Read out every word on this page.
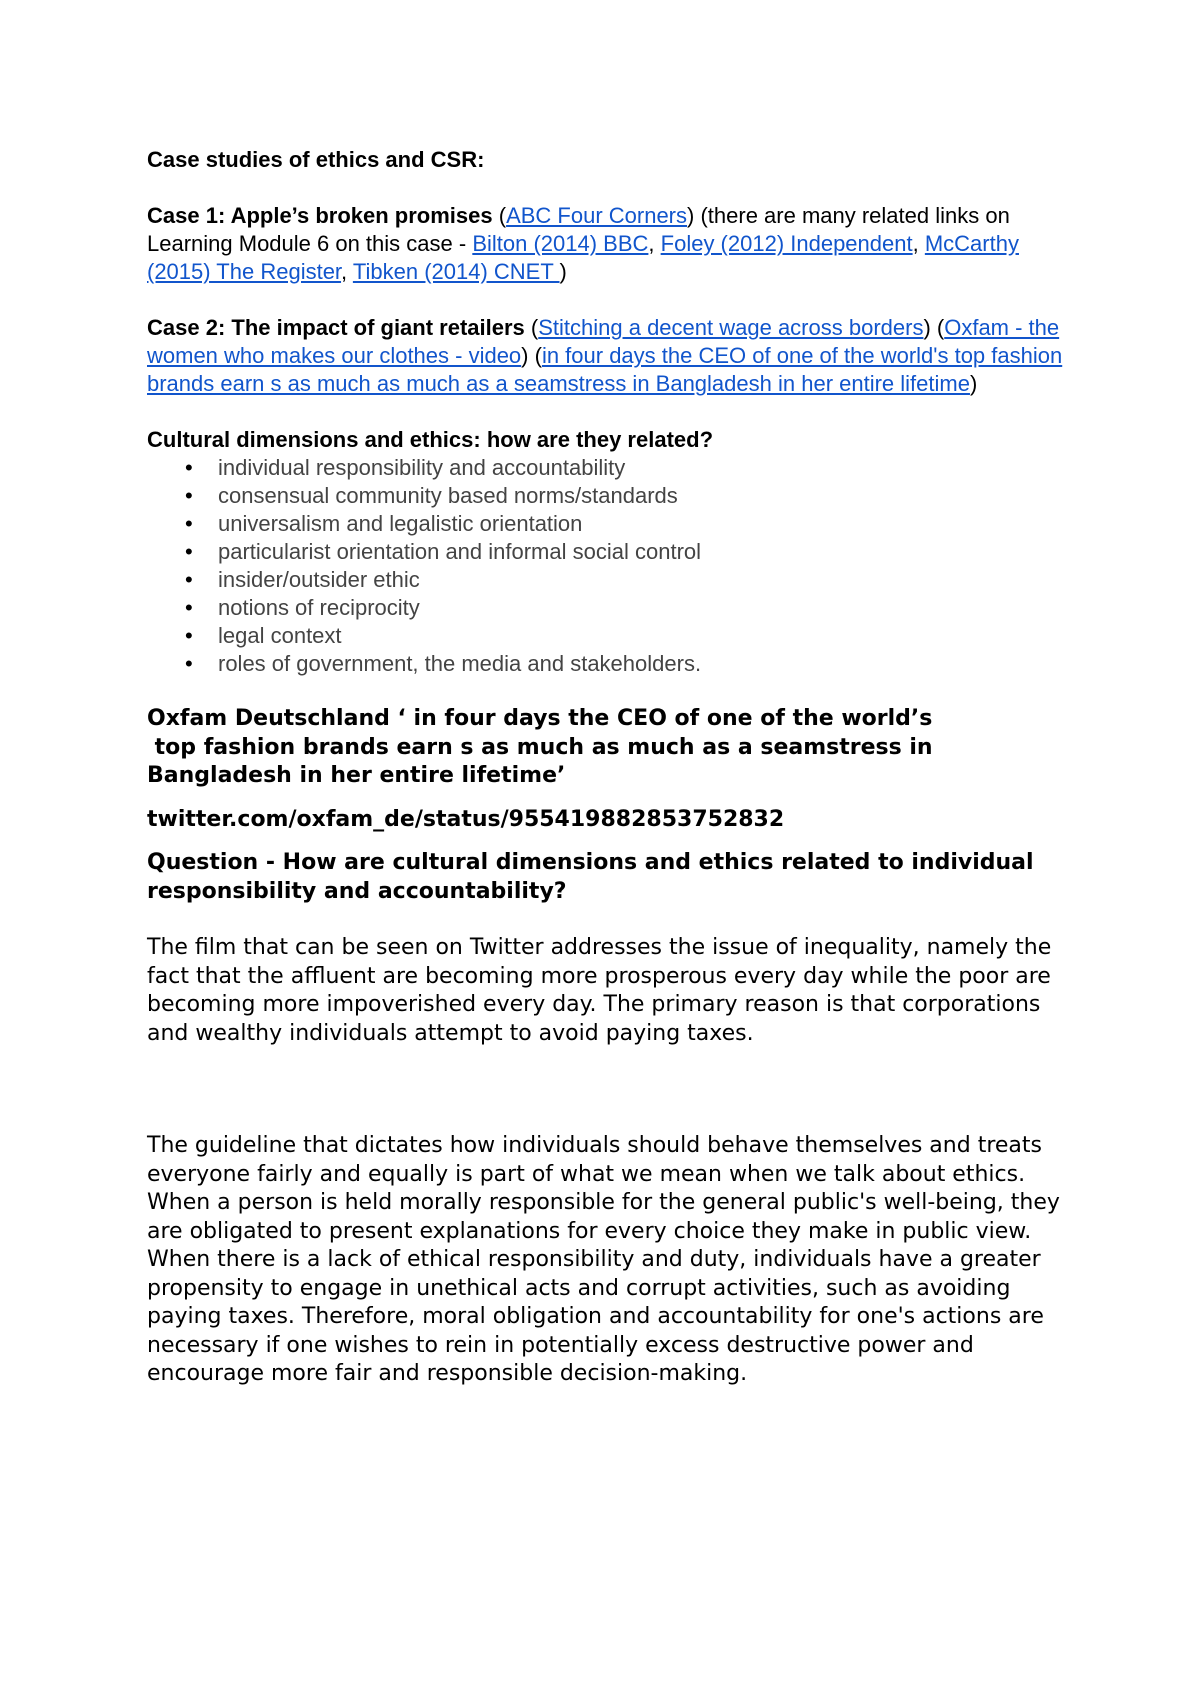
Case studies of ethics and CSR:

Case 1: Apple’s broken promises (ABC Four Corners) (there are many related links on Learning Module 6 on this case - Bilton (2014) BBC, Foley (2012) Independent, McCarthy (2015) The Register, Tibken (2014) CNET )

Case 2: The impact of giant retailers (Stitching a decent wage across borders) (Oxfam - the women who makes our clothes - video) (in four days the CEO of one of the world's top fashion brands earn s as much as much as a seamstress in Bangladesh in her entire lifetime)

Cultural dimensions and ethics: how are they related?

• individual responsibility and accountability
• consensual community based norms/standards
• universalism and legalistic orientation
• particularist orientation and informal social control
• insider/outsider ethic
• notions of reciprocity
• legal context
• roles of government, the media and stakeholders.
Oxfam Deutschland ‘ in four days the CEO of one of the world’s
top fashion brands earn s as much as much as a seamstress in
Bangladesh in her entire lifetime’

twitter.com/oxfam_de/status/955419882853752832

Question - How are cultural dimensions and ethics related to individual responsibility and accountability?

The film that can be seen on Twitter addresses the issue of inequality, namely the fact that the affluent are becoming more prosperous every day while the poor are becoming more impoverished every day. The primary reason is that corporations and wealthy individuals attempt to avoid paying taxes.

The guideline that dictates how individuals should behave themselves and treats everyone fairly and equally is part of what we mean when we talk about ethics. When a person is held morally responsible for the general public's well-being, they are obligated to present explanations for every choice they make in public view. When there is a lack of ethical responsibility and duty, individuals have a greater propensity to engage in unethical acts and corrupt activities, such as avoiding paying taxes. Therefore, moral obligation and accountability for one's actions are necessary if one wishes to rein in potentially excess destructive power and encourage more fair and responsible decision-making.
